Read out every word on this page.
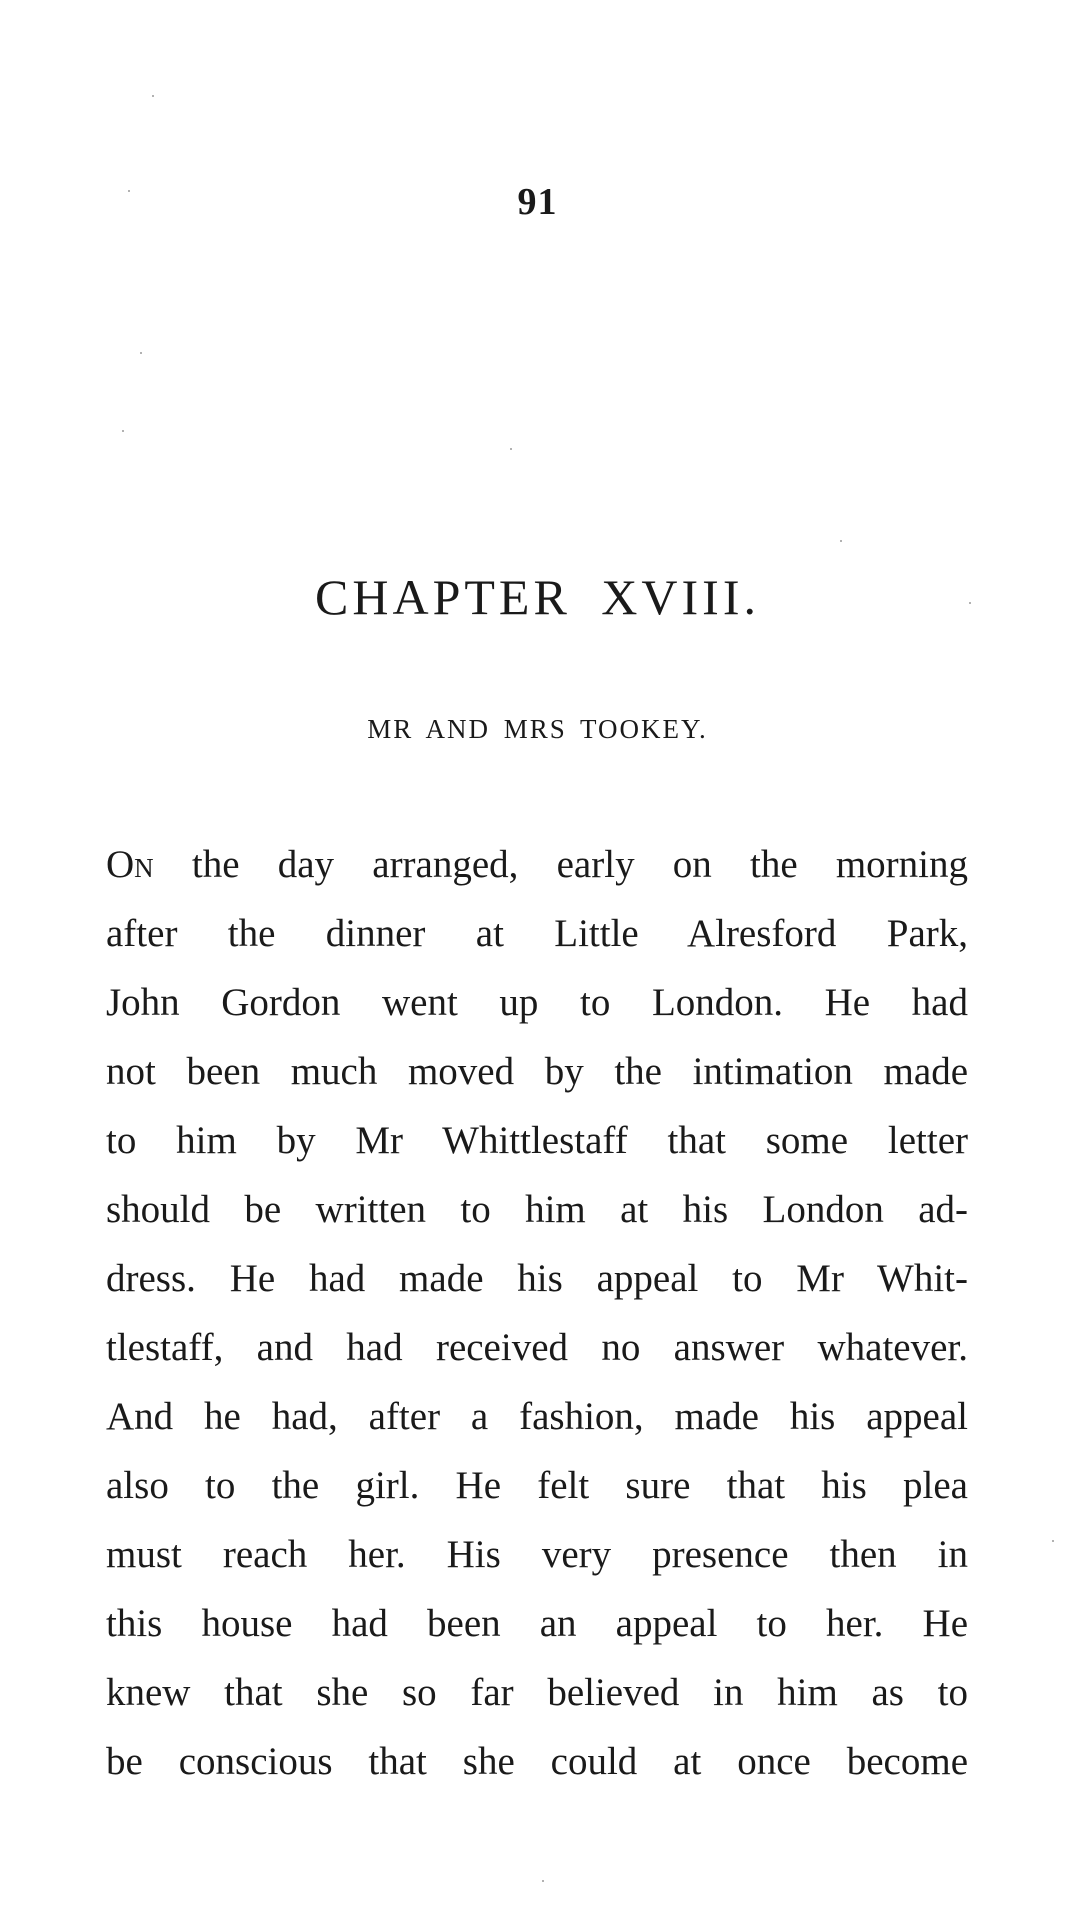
91
CHAPTER XVIII.
MR AND MRS TOOKEY.
On the day arranged, early on the morning
after the dinner at Little Alresford Park,
John Gordon went up to London. He had
not been much moved by the intimation made
to him by Mr Whittlestaff that some letter
should be written to him at his London ad-
dress. He had made his appeal to Mr Whit-
tlestaff, and had received no answer whatever.
And he had, after a fashion, made his appeal
also to the girl. He felt sure that his plea
must reach her. His very presence then in
this house had been an appeal to her. He
knew that she so far believed in him as to
be conscious that she could at once become
